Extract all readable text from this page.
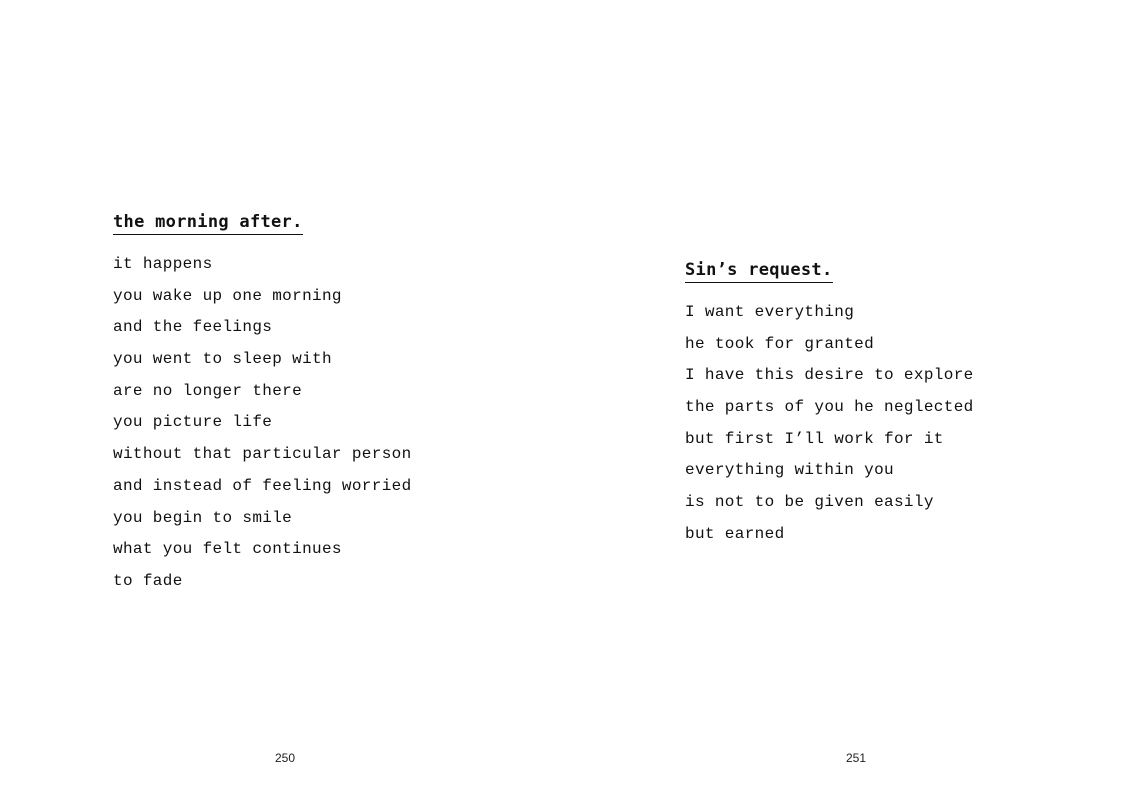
the morning after.
it happens
you wake up one morning
and the feelings
you went to sleep with
are no longer there
you picture life
without that particular person
and instead of feeling worried
you begin to smile
what you felt continues
to fade
250
Sin’s request.
I want everything
he took for granted
I have this desire to explore
the parts of you he neglected
but first I’ll work for it
everything within you
is not to be given easily
but earned
251
